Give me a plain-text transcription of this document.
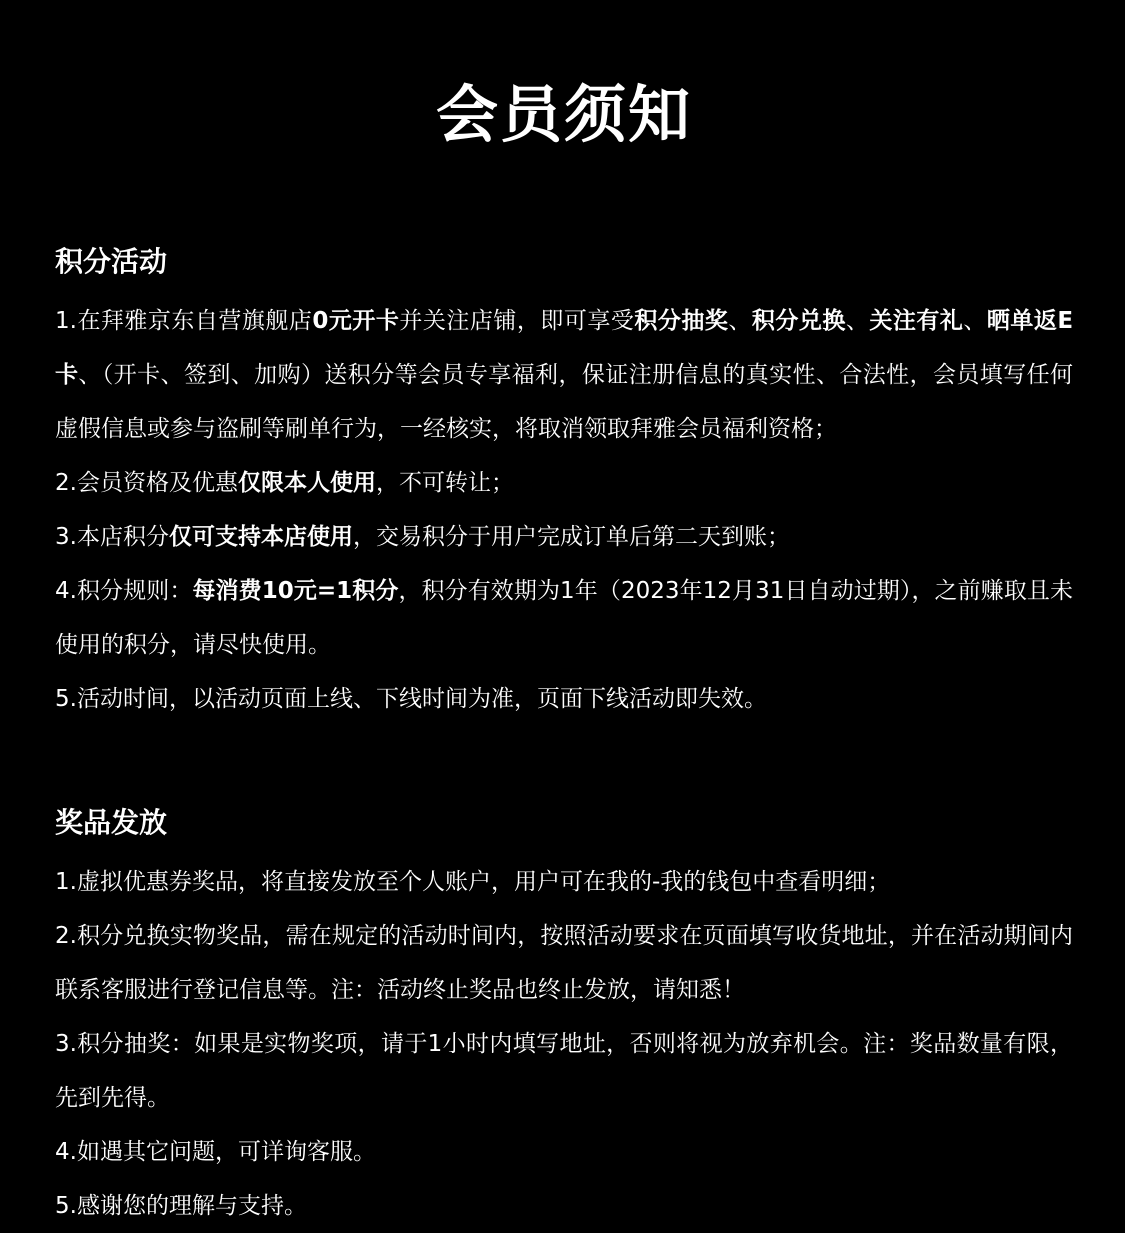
会员须知
积分活动

1.在拜雅京东自营旗舰店0元开卡并关注店铺，即可享受积分抽奖、积分兑换、关注有礼、晒单返E卡、（开卡、签到、加购）送积分等会员专享福利，保证注册信息的真实性、合法性，会员填写任何虚假信息或参与盗刷等刷单行为，一经核实，将取消领取拜雅会员福利资格；

2.会员资格及优惠仅限本人使用，不可转让；

3.本店积分仅可支持本店使用，交易积分于用户完成订单后第二天到账；

4.积分规则：每消费10元=1积分，积分有效期为1年（2023年12月31日自动过期），之前赚取且未使用的积分，请尽快使用。

5.活动时间，以活动页面上线、下线时间为准，页面下线活动即失效。

奖品发放

1.虚拟优惠券奖品，将直接发放至个人账户，用户可在我的-我的钱包中查看明细；

2.积分兑换实物奖品，需在规定的活动时间内，按照活动要求在页面填写收货地址，并在活动期间内联系客服进行登记信息等。注：活动终止奖品也终止发放，请知悉！

3.积分抽奖：如果是实物奖项，请于1小时内填写地址，否则将视为放弃机会。注：奖品数量有限，先到先得。

4.如遇其它问题，可详询客服。

5.感谢您的理解与支持。
